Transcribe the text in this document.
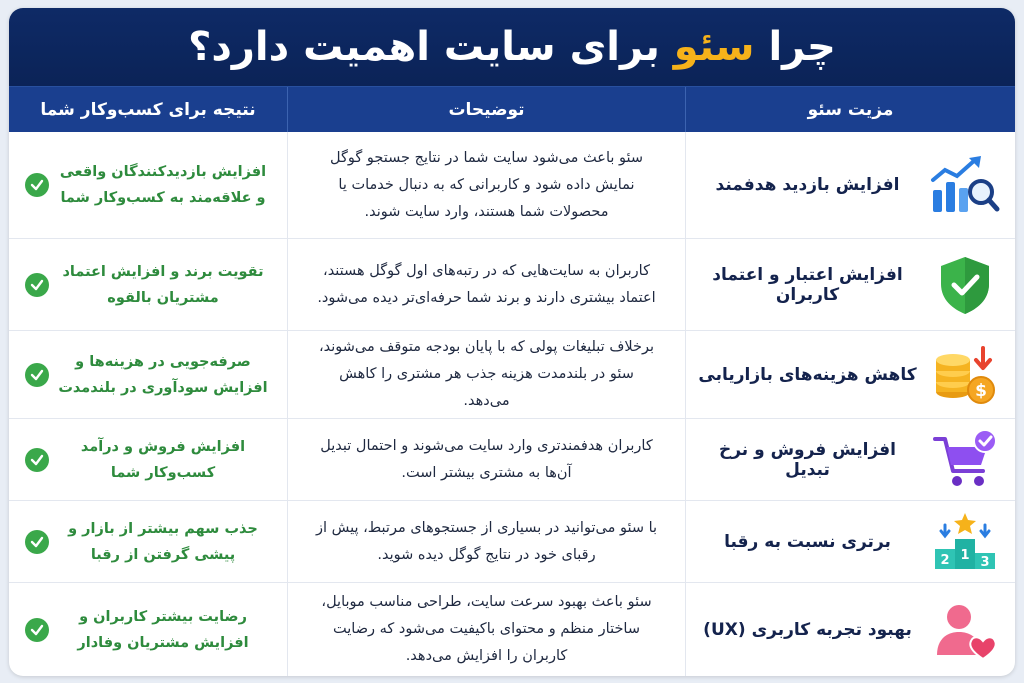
چرا سئو برای سایت اهمیت دارد؟
مزیت سئو
توضیحات
نتیجه برای کسب‌وکار شما
افزایش بازدید هدفمند

سئو باعث می‌شود سایت شما در نتایج جستجو گوگل نمایش داده شود و کاربرانی که به دنبال خدمات یا محصولات شما هستند، وارد سایت شوند.

افزایش بازدیدکنندگان واقعی و علاقه‌مند به کسب‌وکار شما

افزایش اعتبار و اعتماد کاربران

کاربران به سایت‌هایی که در رتبه‌های اول گوگل هستند، اعتماد بیشتری دارند و برند شما حرفه‌ای‌تر دیده می‌شود.

تقویت برند و افزایش اعتماد مشتریان بالقوه

$
کاهش هزینه‌های بازاریابی

برخلاف تبلیغات پولی که با پایان بودجه متوقف می‌شوند، سئو در بلندمدت هزینه جذب هر مشتری را کاهش می‌دهد.

صرفه‌جویی در هزینه‌ها و افزایش سودآوری در بلندمدت

افزایش فروش و نرخ تبدیل

کاربران هدفمندتری وارد سایت می‌شوند و احتمال تبدیل آن‌ها به مشتری بیشتر است.

افزایش فروش و درآمد کسب‌وکار شما

1
2 3
برتری نسبت به رقبا

با سئو می‌توانید در بسیاری از جستجوهای مرتبط، پیش از رقبای خود در نتایج گوگل دیده شوید.

جذب سهم بیشتر از بازار و پیشی گرفتن از رقبا

بهبود تجربه کاربری (UX)

سئو باعث بهبود سرعت سایت، طراحی مناسب موبایل، ساختار منظم و محتوای باکیفیت می‌شود که رضایت کاربران را افزایش می‌دهد.

رضایت بیشتر کاربران و افزایش مشتریان وفادار
